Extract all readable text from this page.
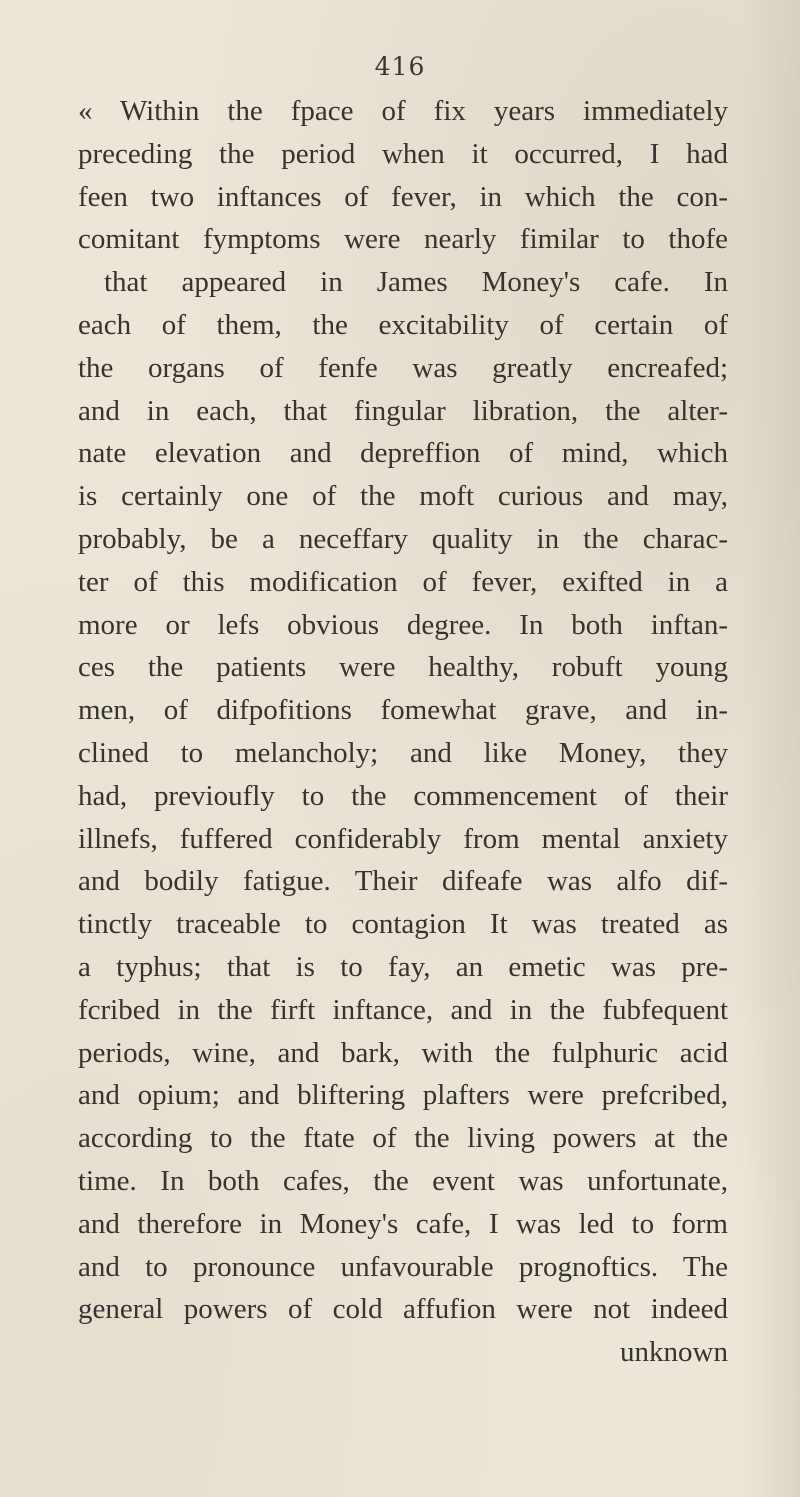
416
« Within the fpace of fix years immediately
preceding the period when it occurred, I had
feen two inftances of fever, in which the con-
comitant fymptoms were nearly fimilar to thofe
that appeared in James Money's cafe. In
each of them, the excitability of certain of
the organs of fenfe was greatly encreafed;
and in each, that fingular libration, the alter-
nate elevation and depreffion of mind, which
is certainly one of the moft curious and may,
probably, be a neceffary quality in the charac-
ter of this modification of fever, exifted in a
more or lefs obvious degree. In both inftan-
ces the patients were healthy, robuft young
men, of difpofitions fomewhat grave, and in-
clined to melancholy; and like Money, they
had, previoufly to the commencement of their
illnefs, fuffered confiderably from mental anxiety
and bodily fatigue. Their difeafe was alfo dif-
tinctly traceable to contagion It was treated as
a typhus; that is to fay, an emetic was pre-
fcribed in the firft inftance, and in the fubfequent
periods, wine, and bark, with the fulphuric acid
and opium; and bliftering plafters were prefcribed,
according to the ftate of the living powers at the
time. In both cafes, the event was unfortunate,
and therefore in Money's cafe, I was led to form
and to pronounce unfavourable prognoftics. The
general powers of cold affufion were not indeed
unknown
